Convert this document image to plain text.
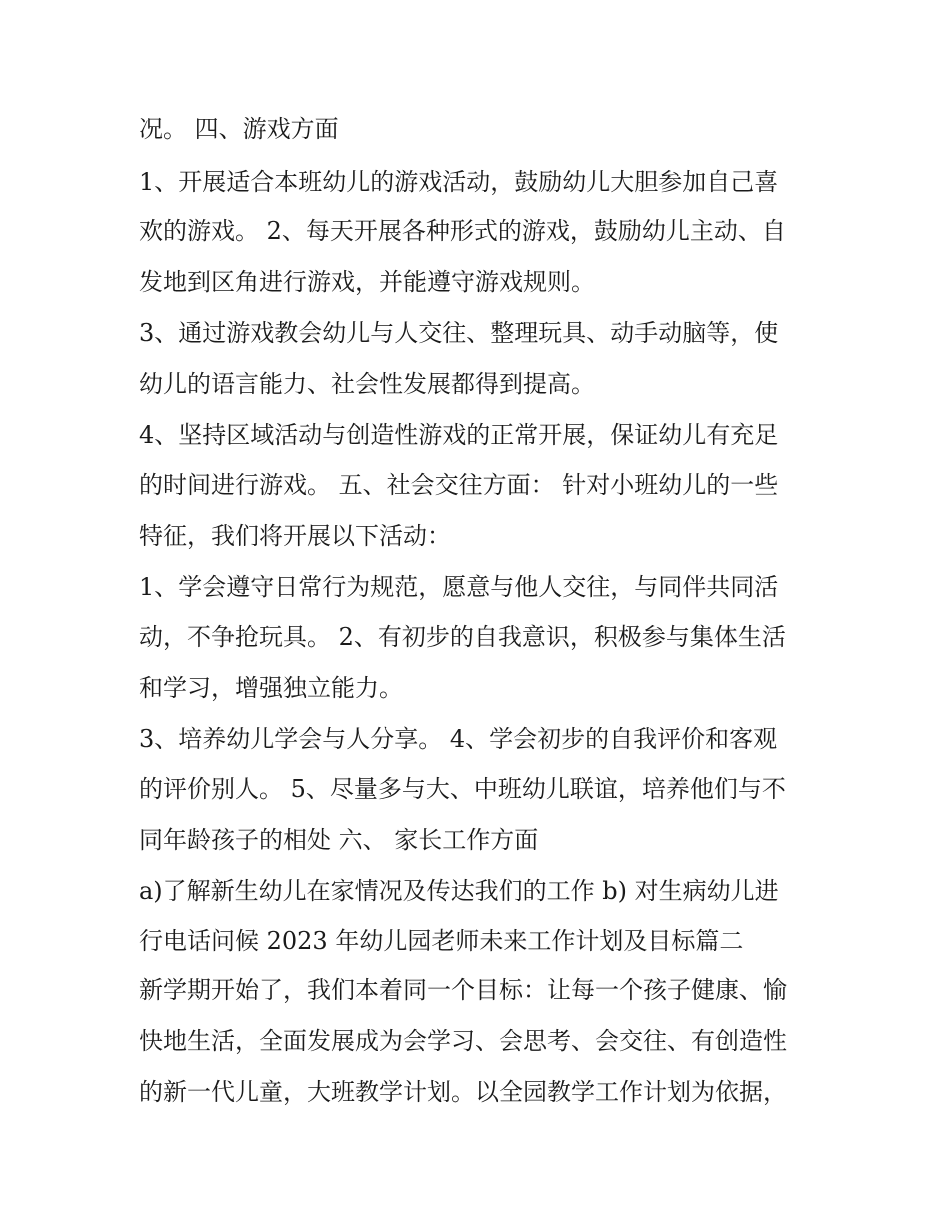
况。 四、游戏方面
1、开展适合本班幼儿的游戏活动，鼓励幼儿大胆参加自己喜
欢的游戏。 2、每天开展各种形式的游戏，鼓励幼儿主动、自
发地到区角进行游戏，并能遵守游戏规则。
3、通过游戏教会幼儿与人交往、整理玩具、动手动脑等，使
幼儿的语言能力、社会性发展都得到提高。
4、坚持区域活动与创造性游戏的正常开展，保证幼儿有充足
的时间进行游戏。 五、社会交往方面： 针对小班幼儿的一些
特征，我们将开展以下活动：
1、学会遵守日常行为规范，愿意与他人交往，与同伴共同活
动，不争抢玩具。 2、有初步的自我意识，积极参与集体生活
和学习，增强独立能力。
3、培养幼儿学会与人分享。 4、学会初步的自我评价和客观
的评价别人。 5、尽量多与大、中班幼儿联谊，培养他们与不
同年龄孩子的相处 六、 家长工作方面
a)了解新生幼儿在家情况及传达我们的工作 b) 对生病幼儿进
行电话问候 2023 年幼儿园老师未来工作计划及目标篇二
新学期开始了，我们本着同一个目标：让每一个孩子健康、愉
快地生活，全面发展成为会学习、会思考、会交往、有创造性
的新一代儿童，大班教学计划。以全园教学工作计划为依据，
